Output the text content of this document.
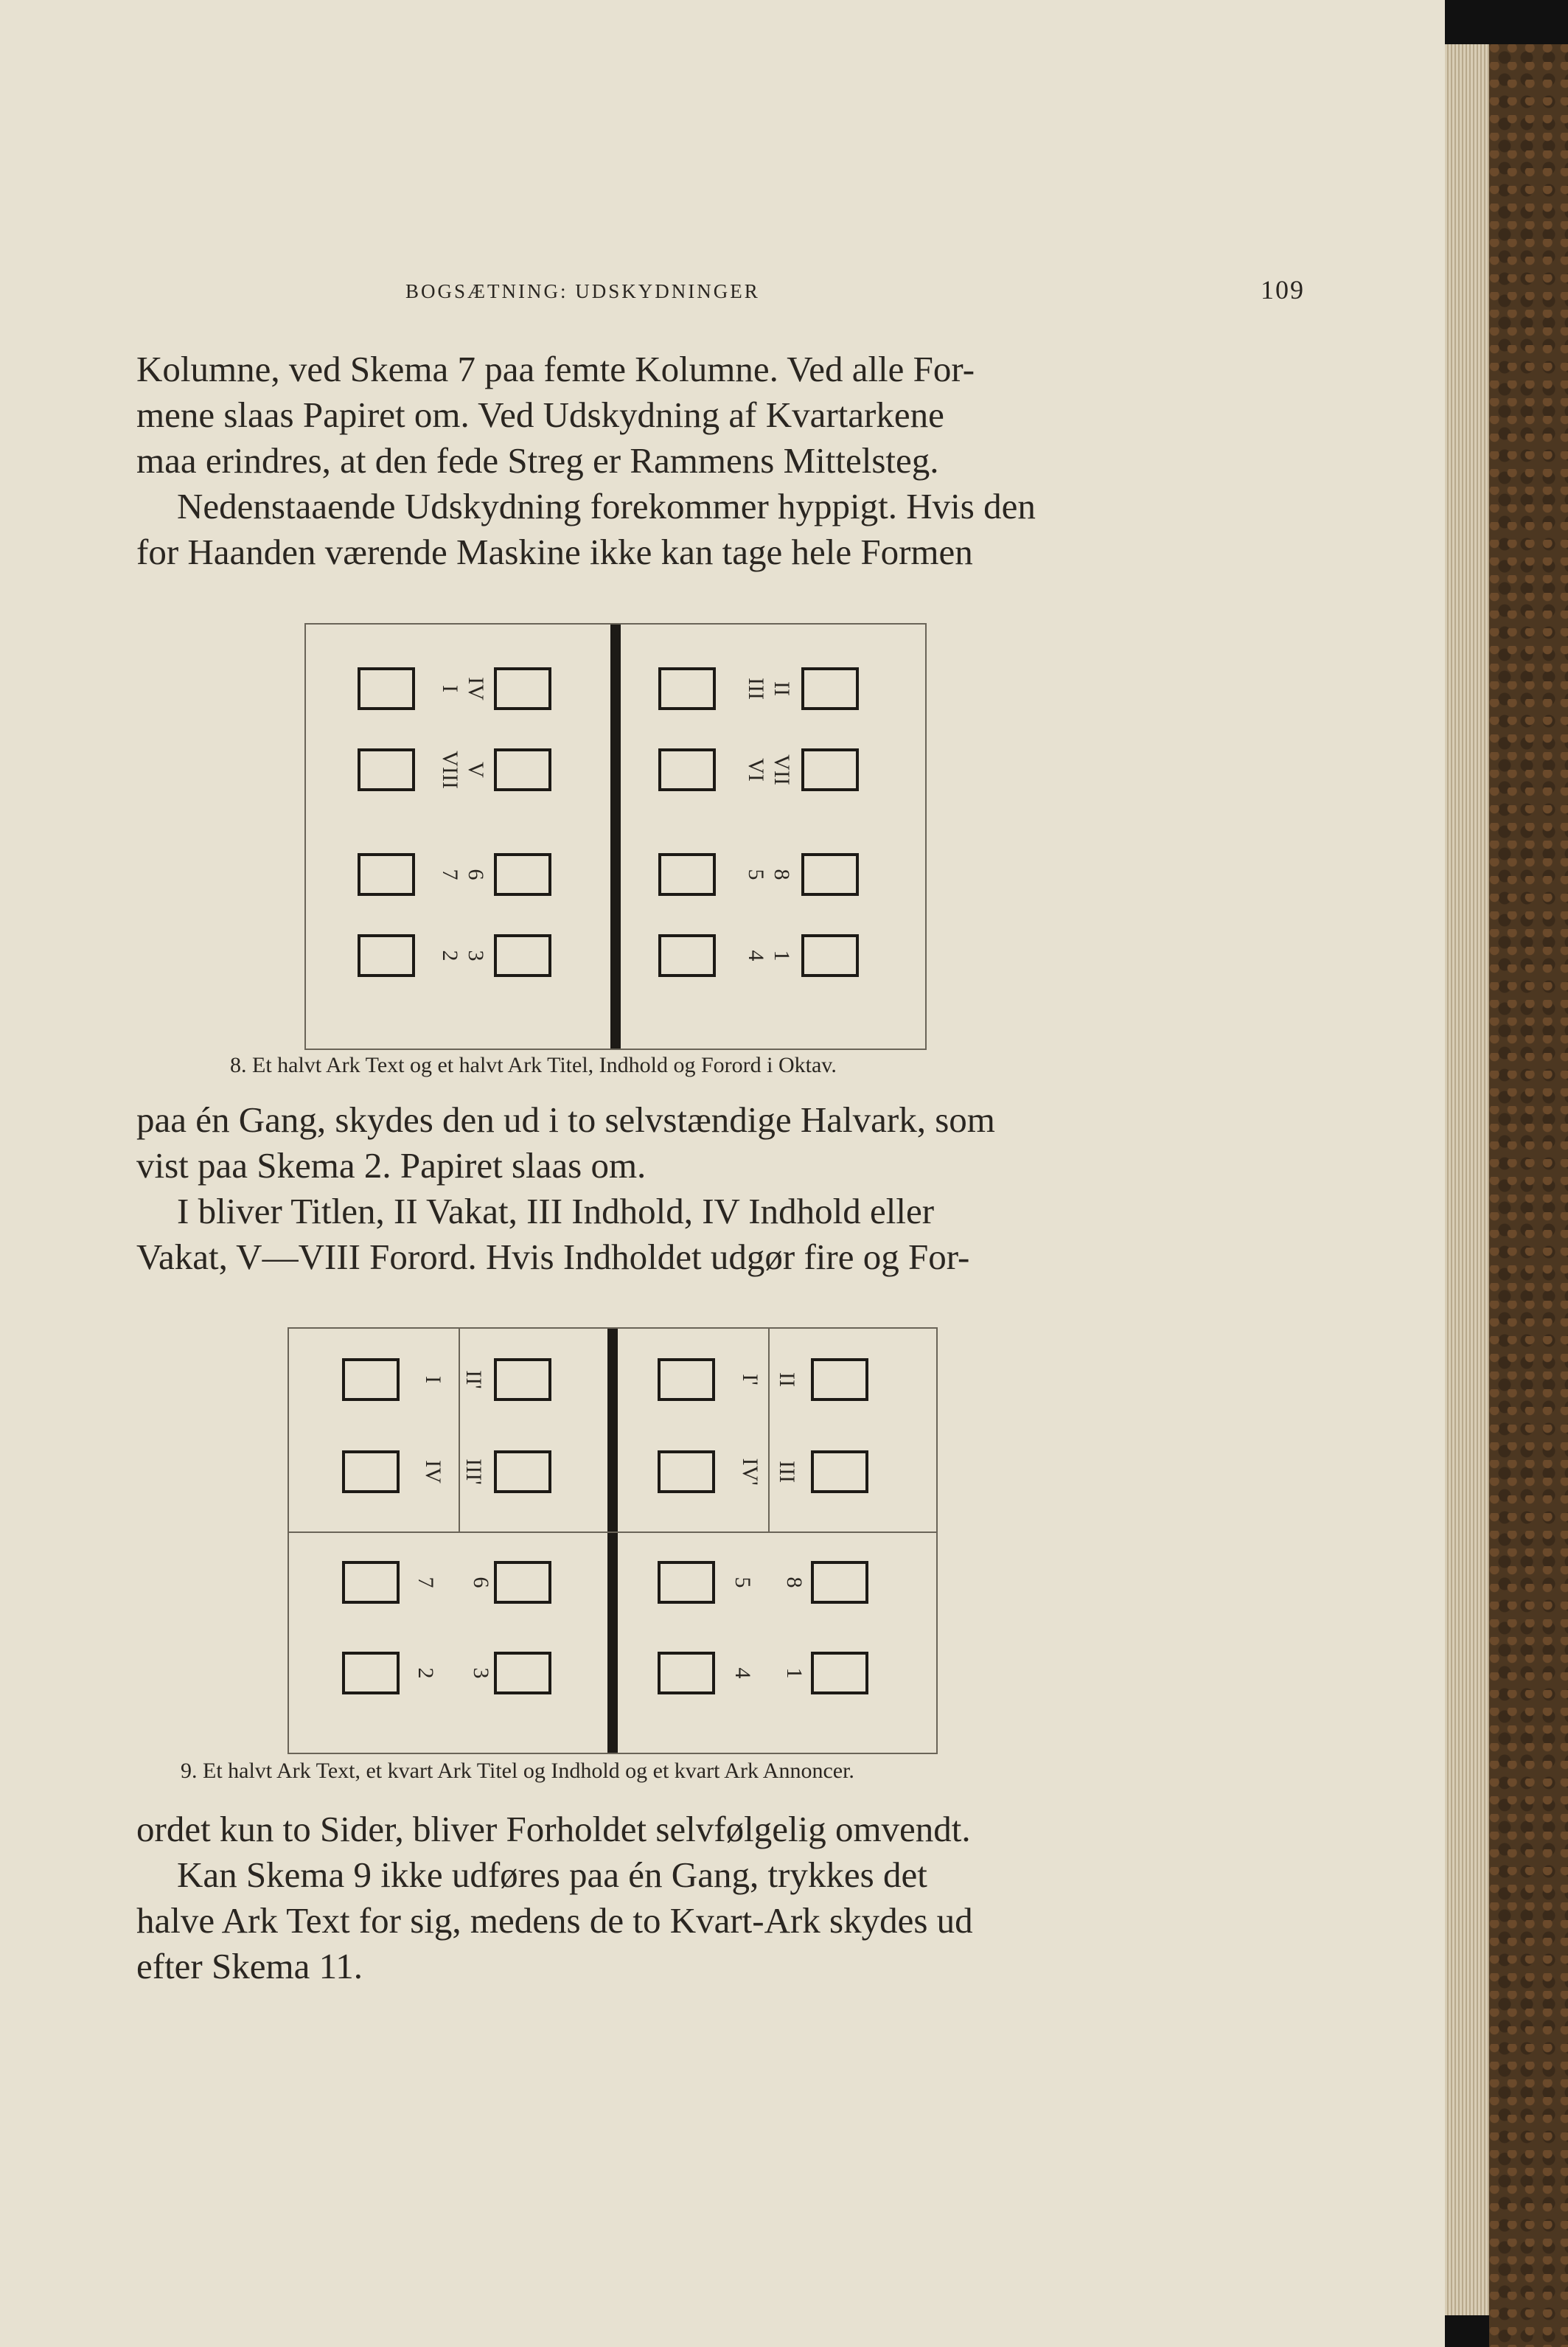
BOGSÆTNING: UDSKYDNINGER	109

Kolumne, ved Skema 7 paa femte Kolumne. Ved alle For-
mene slaas Papiret om. Ved Udskydning af Kvartarkene
maa erindres, at den fede Streg er Rammens Mittelsteg.
Nedenstaaende Udskydning forekommer hyppigt. Hvis den
for Haanden værende Maskine ikke kan tage hele Formen

I IV
VIII V
7 6
2 3
III II
VI VII
5 8
4 1
8. Et halvt Ark Text og et halvt Ark Titel, Indhold og Forord i Oktav.

paa én Gang, skydes den ud i to selvstændige Halvark, som
vist paa Skema 2. Papiret slaas om.
I bliver Titlen, II Vakat, III Indhold, IV Indhold eller
Vakat, V—VIII Forord. Hvis Indholdet udgør fire og For-

I II'
IV III'
I' II
IV' III
7 6
2 3
5 8
4 1
9. Et halvt Ark Text, et kvart Ark Titel og Indhold og et kvart Ark Annoncer.

ordet kun to Sider, bliver Forholdet selvfølgelig omvendt.
Kan Skema 9 ikke udføres paa én Gang, trykkes det
halve Ark Text for sig, medens de to Kvart-Ark skydes ud
efter Skema 11.
